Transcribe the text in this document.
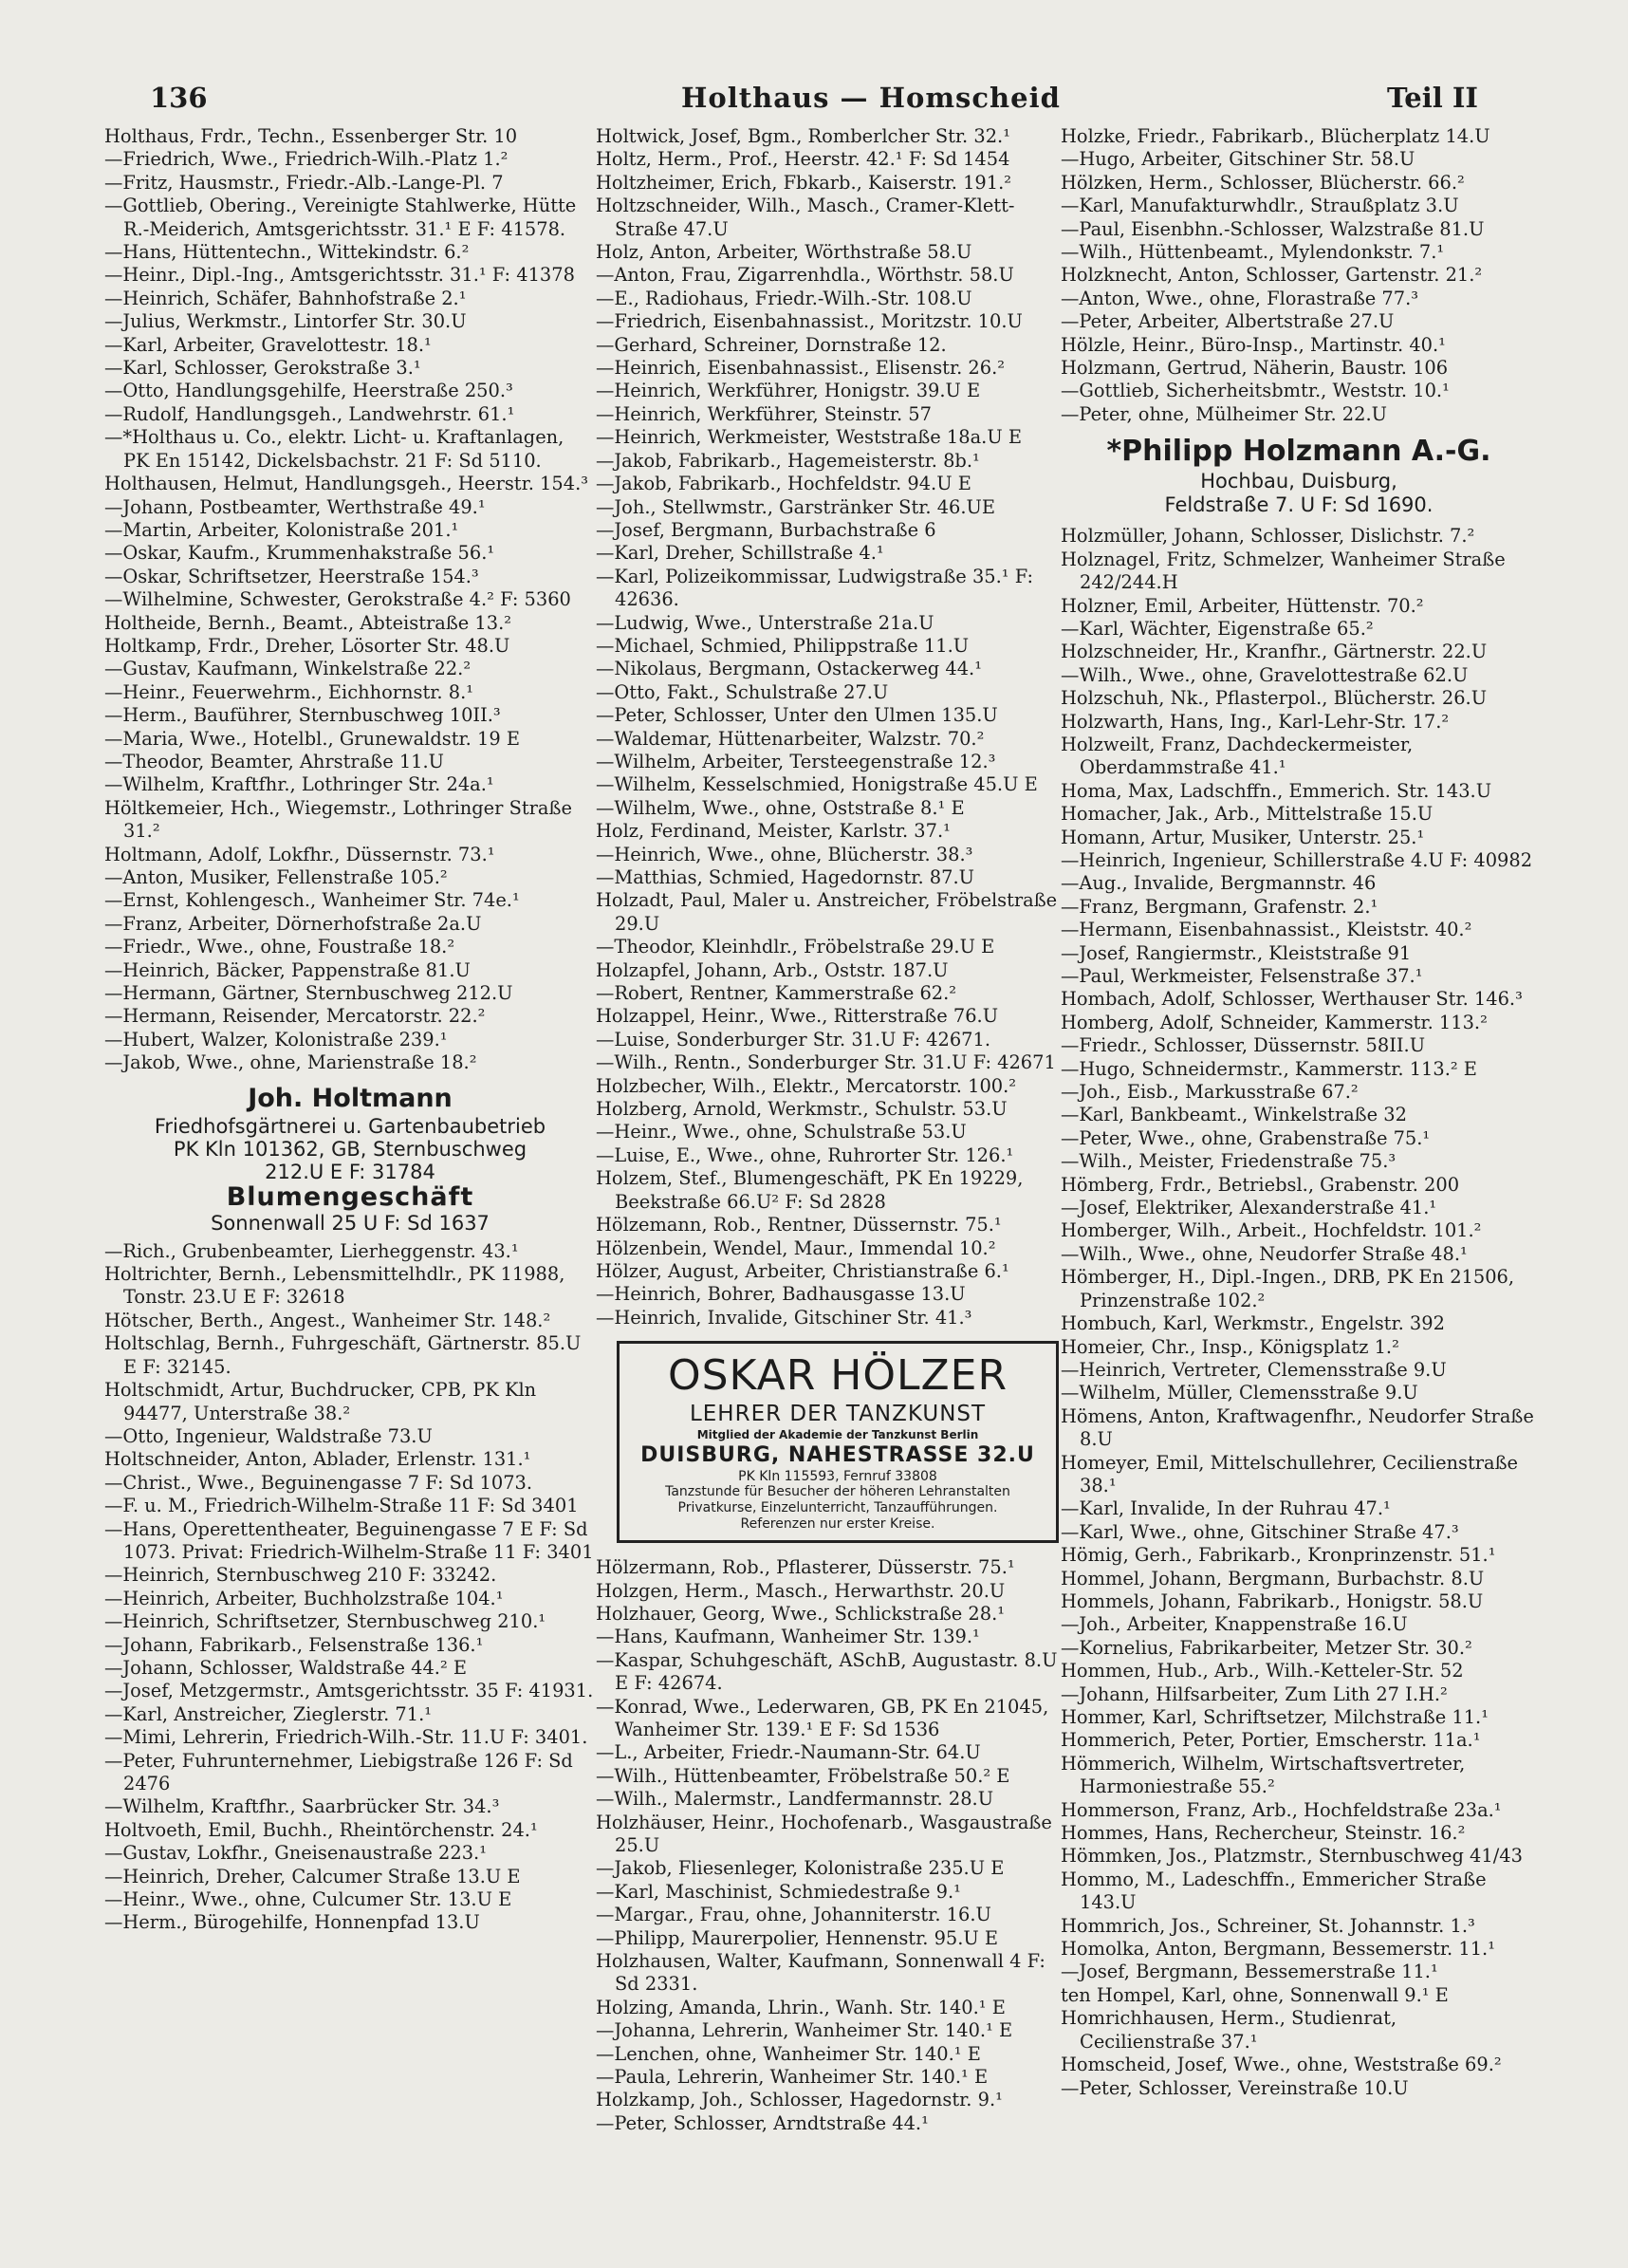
136	Holthaus — Homscheid	Teil II
Holthaus, Frdr., Techn., Essenberger Str. 10
—Friedrich, Wwe., Friedrich-Wilh.-Platz 1.²
—Fritz, Hausmstr., Friedr.-Alb.-Lange-Pl. 7
—Gottlieb, Obering., Vereinigte Stahlwerke, Hütte R.-Meiderich, Amtsgerichtsstr. 31.¹ E F: 41578.
—Hans, Hüttentechn., Wittekindstr. 6.²
—Heinr., Dipl.-Ing., Amtsgerichtsstr. 31.¹ F: 41378
—Heinrich, Schäfer, Bahnhofstraße 2.¹
—Julius, Werkmstr., Lintorfer Str. 30.U
—Karl, Arbeiter, Gravelottestr. 18.¹
—Karl, Schlosser, Gerokstraße 3.¹
—Otto, Handlungsgehilfe, Heerstraße 250.³
—Rudolf, Handlungsgeh., Landwehrstr. 61.¹
—*Holthaus u. Co., elektr. Licht- u. Kraftanlagen, PK En 15142, Dickelsbachstr. 21 F: Sd 5110.
Holthausen, Helmut, Handlungsgeh., Heerstr. 154.³
—Johann, Postbeamter, Werthstraße 49.¹
—Martin, Arbeiter, Kolonistraße 201.¹
—Oskar, Kaufm., Krummenhakstraße 56.¹
—Oskar, Schriftsetzer, Heerstraße 154.³
—Wilhelmine, Schwester, Gerokstraße 4.² F: 5360
Holtheide, Bernh., Beamt., Abteistraße 13.²
Holtkamp, Frdr., Dreher, Lösorter Str. 48.U
—Gustav, Kaufmann, Winkelstraße 22.²
—Heinr., Feuerwehrm., Eichhornstr. 8.¹
—Herm., Bauführer, Sternbuschweg 10II.³
—Maria, Wwe., Hotelbl., Grunewaldstr. 19 E
—Theodor, Beamter, Ahrstraße 11.U
—Wilhelm, Kraftfhr., Lothringer Str. 24a.¹
Höltkemeier, Hch., Wiegemstr., Lothringer Straße 31.²
Holtmann, Adolf, Lokfhr., Düssernstr. 73.¹
—Anton, Musiker, Fellenstraße 105.²
—Ernst, Kohlengesch., Wanheimer Str. 74e.¹
—Franz, Arbeiter, Dörnerhofstraße 2a.U
—Friedr., Wwe., ohne, Foustraße 18.²
—Heinrich, Bäcker, Pappenstraße 81.U
—Hermann, Gärtner, Sternbuschweg 212.U
—Hermann, Reisender, Mercatorstr. 22.²
—Hubert, Walzer, Kolonistraße 239.¹
—Jakob, Wwe., ohne, Marienstraße 18.²
Joh. Holtmann
Friedhofsgärtnerei u. Gartenbaubetrieb
PK Kln 101362, GB, Sternbuschweg
212.U E F: 31784
Blumengeschäft
Sonnenwall 25 U F: Sd 1637
—Rich., Grubenbeamter, Lierheggenstr. 43.¹
Holtrichter, Bernh., Lebensmittelhdlr., PK 11988, Tonstr. 23.U E F: 32618
Hötscher, Berth., Angest., Wanheimer Str. 148.²
Holtschlag, Bernh., Fuhrgeschäft, Gärtnerstr. 85.U E F: 32145.
Holtschmidt, Artur, Buchdrucker, CPB, PK Kln 94477, Unterstraße 38.²
—Otto, Ingenieur, Waldstraße 73.U
Holtschneider, Anton, Ablader, Erlenstr. 131.¹
—Christ., Wwe., Beguinengasse 7 F: Sd 1073.
—F. u. M., Friedrich-Wilhelm-Straße 11 F: Sd 3401
—Hans, Operettentheater, Beguinengasse 7 E F: Sd 1073. Privat: Friedrich-Wilhelm-Straße 11 F: 3401
—Heinrich, Sternbuschweg 210 F: 33242.
—Heinrich, Arbeiter, Buchholzstraße 104.¹
—Heinrich, Schriftsetzer, Sternbuschweg 210.¹
—Johann, Fabrikarb., Felsenstraße 136.¹
—Johann, Schlosser, Waldstraße 44.² E
—Josef, Metzgermstr., Amtsgerichtsstr. 35 F: 41931.
—Karl, Anstreicher, Zieglerstr. 71.¹
—Mimi, Lehrerin, Friedrich-Wilh.-Str. 11.U F: 3401.
—Peter, Fuhrunternehmer, Liebigstraße 126 F: Sd 2476
—Wilhelm, Kraftfhr., Saarbrücker Str. 34.³
Holtvoeth, Emil, Buchh., Rheintörchenstr. 24.¹
—Gustav, Lokfhr., Gneisenaustraße 223.¹
—Heinrich, Dreher, Calcumer Straße 13.U E
—Heinr., Wwe., ohne, Culcumer Str. 13.U E
—Herm., Bürogehilfe, Honnenpfad 13.U
Holtwick, Josef, Bgm., Romberlcher Str. 32.¹
Holtz, Herm., Prof., Heerstr. 42.¹ F: Sd 1454
Holtzheimer, Erich, Fbkarb., Kaiserstr. 191.²
Holtzschneider, Wilh., Masch., Cramer-Klett-Straße 47.U
Holz, Anton, Arbeiter, Wörthstraße 58.U
—Anton, Frau, Zigarrenhdla., Wörthstr. 58.U
—E., Radiohaus, Friedr.-Wilh.-Str. 108.U
—Friedrich, Eisenbahnassist., Moritzstr. 10.U
—Gerhard, Schreiner, Dornstraße 12.
—Heinrich, Eisenbahnassist., Elisenstr. 26.²
—Heinrich, Werkführer, Honigstr. 39.U E
—Heinrich, Werkführer, Steinstr. 57
—Heinrich, Werkmeister, Weststraße 18a.U E
—Jakob, Fabrikarb., Hagemeisterstr. 8b.¹
—Jakob, Fabrikarb., Hochfeldstr. 94.U E
—Joh., Stellwmstr., Garstränker Str. 46.UE
—Josef, Bergmann, Burbachstraße 6
—Karl, Dreher, Schillstraße 4.¹
—Karl, Polizeikommissar, Ludwigstraße 35.¹ F: 42636.
—Ludwig, Wwe., Unterstraße 21a.U
—Michael, Schmied, Philippstraße 11.U
—Nikolaus, Bergmann, Ostackerweg 44.¹
—Otto, Fakt., Schulstraße 27.U
—Peter, Schlosser, Unter den Ulmen 135.U
—Waldemar, Hüttenarbeiter, Walzstr. 70.²
—Wilhelm, Arbeiter, Tersteegenstraße 12.³
—Wilhelm, Kesselschmied, Honigstraße 45.U E
—Wilhelm, Wwe., ohne, Oststraße 8.¹ E
Holz, Ferdinand, Meister, Karlstr. 37.¹
—Heinrich, Wwe., ohne, Blücherstr. 38.³
—Matthias, Schmied, Hagedornstr. 87.U
Holzadt, Paul, Maler u. Anstreicher, Fröbelstraße 29.U
—Theodor, Kleinhdlr., Fröbelstraße 29.U E
Holzapfel, Johann, Arb., Oststr. 187.U
—Robert, Rentner, Kammerstraße 62.²
Holzappel, Heinr., Wwe., Ritterstraße 76.U
—Luise, Sonderburger Str. 31.U F: 42671.
—Wilh., Rentn., Sonderburger Str. 31.U F: 42671
Holzbecher, Wilh., Elektr., Mercatorstr. 100.²
Holzberg, Arnold, Werkmstr., Schulstr. 53.U
—Heinr., Wwe., ohne, Schulstraße 53.U
—Luise, E., Wwe., ohne, Ruhrorter Str. 126.¹
Holzem, Stef., Blumengeschäft, PK En 19229, Beekstraße 66.U² F: Sd 2828
Hölzemann, Rob., Rentner, Düssernstr. 75.¹
Hölzenbein, Wendel, Maur., Immendal 10.²
Hölzer, August, Arbeiter, Christianstraße 6.¹
—Heinrich, Bohrer, Badhausgasse 13.U
—Heinrich, Invalide, Gitschiner Str. 41.³
OSKAR HÖLZER
LEHRER DER TANZKUNST
Mitglied der Akademie der Tanzkunst Berlin
DUISBURG, NAHESTRASSE 32.U
PK Kln 115593, Fernruf 33808
Tanzstunde für Besucher der höheren Lehranstalten
Privatkurse, Einzelunterricht, Tanzaufführungen.
Referenzen nur erster Kreise.
Hölzermann, Rob., Pflasterer, Düsserstr. 75.¹
Holzgen, Herm., Masch., Herwarthstr. 20.U
Holzhauer, Georg, Wwe., Schlickstraße 28.¹
—Hans, Kaufmann, Wanheimer Str. 139.¹
—Kaspar, Schuhgeschäft, ASchB, Augustastr. 8.U E F: 42674.
—Konrad, Wwe., Lederwaren, GB, PK En 21045, Wanheimer Str. 139.¹ E F: Sd 1536
—L., Arbeiter, Friedr.-Naumann-Str. 64.U
—Wilh., Hüttenbeamter, Fröbelstraße 50.² E
—Wilh., Malermstr., Landfermannstr. 28.U
Holzhäuser, Heinr., Hochofenarb., Wasgaustraße 25.U
—Jakob, Fliesenleger, Kolonistraße 235.U E
—Karl, Maschinist, Schmiedestraße 9.¹
—Margar., Frau, ohne, Johanniterstr. 16.U
—Philipp, Maurerpolier, Hennenstr. 95.U E
Holzhausen, Walter, Kaufmann, Sonnenwall 4 F: Sd 2331.
Holzing, Amanda, Lhrin., Wanh. Str. 140.¹ E
—Johanna, Lehrerin, Wanheimer Str. 140.¹ E
—Lenchen, ohne, Wanheimer Str. 140.¹ E
—Paula, Lehrerin, Wanheimer Str. 140.¹ E
Holzkamp, Joh., Schlosser, Hagedornstr. 9.¹
—Peter, Schlosser, Arndtstraße 44.¹
Holzke, Friedr., Fabrikarb., Blücherplatz 14.U
—Hugo, Arbeiter, Gitschiner Str. 58.U
Hölzken, Herm., Schlosser, Blücherstr. 66.²
—Karl, Manufakturwhdlr., Straußplatz 3.U
—Paul, Eisenbhn.-Schlosser, Walzstraße 81.U
—Wilh., Hüttenbeamt., Mylendonkstr. 7.¹
Holzknecht, Anton, Schlosser, Gartenstr. 21.²
—Anton, Wwe., ohne, Florastraße 77.³
—Peter, Arbeiter, Albertstraße 27.U
Hölzle, Heinr., Büro-Insp., Martinstr. 40.¹
Holzmann, Gertrud, Näherin, Baustr. 106
—Gottlieb, Sicherheitsbmtr., Weststr. 10.¹
—Peter, ohne, Mülheimer Str. 22.U
*Philipp Holzmann A.-G.
Hochbau, Duisburg,
Feldstraße 7. U F: Sd 1690.
Holzmüller, Johann, Schlosser, Dislichstr. 7.²
Holznagel, Fritz, Schmelzer, Wanheimer Straße 242/244.H
Holzner, Emil, Arbeiter, Hüttenstr. 70.²
—Karl, Wächter, Eigenstraße 65.²
Holzschneider, Hr., Kranfhr., Gärtnerstr. 22.U
—Wilh., Wwe., ohne, Gravelottestraße 62.U
Holzschuh, Nk., Pflasterpol., Blücherstr. 26.U
Holzwarth, Hans, Ing., Karl-Lehr-Str. 17.²
Holzweilt, Franz, Dachdeckermeister, Oberdammstraße 41.¹
Homa, Max, Ladschffn., Emmerich. Str. 143.U
Homacher, Jak., Arb., Mittelstraße 15.U
Homann, Artur, Musiker, Unterstr. 25.¹
—Heinrich, Ingenieur, Schillerstraße 4.U F: 40982
—Aug., Invalide, Bergmannstr. 46
—Franz, Bergmann, Grafenstr. 2.¹
—Hermann, Eisenbahnassist., Kleiststr. 40.²
—Josef, Rangiermstr., Kleiststraße 91
—Paul, Werkmeister, Felsenstraße 37.¹
Hombach, Adolf, Schlosser, Werthauser Str. 146.³
Homberg, Adolf, Schneider, Kammerstr. 113.²
—Friedr., Schlosser, Düssernstr. 58II.U
—Hugo, Schneidermstr., Kammerstr. 113.² E
—Joh., Eisb., Markusstraße 67.²
—Karl, Bankbeamt., Winkelstraße 32
—Peter, Wwe., ohne, Grabenstraße 75.¹
—Wilh., Meister, Friedenstraße 75.³
Hömberg, Frdr., Betriebsl., Grabenstr. 200
—Josef, Elektriker, Alexanderstraße 41.¹
Homberger, Wilh., Arbeit., Hochfeldstr. 101.²
—Wilh., Wwe., ohne, Neudorfer Straße 48.¹
Hömberger, H., Dipl.-Ingen., DRB, PK En 21506, Prinzenstraße 102.²
Hombuch, Karl, Werkmstr., Engelstr. 392
Homeier, Chr., Insp., Königsplatz 1.²
—Heinrich, Vertreter, Clemensstraße 9.U
—Wilhelm, Müller, Clemensstraße 9.U
Hömens, Anton, Kraftwagenfhr., Neudorfer Straße 8.U
Homeyer, Emil, Mittelschullehrer, Cecilienstraße 38.¹
—Karl, Invalide, In der Ruhrau 47.¹
—Karl, Wwe., ohne, Gitschiner Straße 47.³
Hömig, Gerh., Fabrikarb., Kronprinzenstr. 51.¹
Hommel, Johann, Bergmann, Burbachstr. 8.U
Hommels, Johann, Fabrikarb., Honigstr. 58.U
—Joh., Arbeiter, Knappenstraße 16.U
—Kornelius, Fabrikarbeiter, Metzer Str. 30.²
Hommen, Hub., Arb., Wilh.-Ketteler-Str. 52
—Johann, Hilfsarbeiter, Zum Lith 27 I.H.²
Hommer, Karl, Schriftsetzer, Milchstraße 11.¹
Hommerich, Peter, Portier, Emscherstr. 11a.¹
Hömmerich, Wilhelm, Wirtschaftsvertreter, Harmoniestraße 55.²
Hommerson, Franz, Arb., Hochfeldstraße 23a.¹
Hommes, Hans, Rechercheur, Steinstr. 16.²
Hömmken, Jos., Platzmstr., Sternbuschweg 41/43
Hommo, M., Ladeschffn., Emmericher Straße 143.U
Hommrich, Jos., Schreiner, St. Johannstr. 1.³
Homolka, Anton, Bergmann, Bessemerstr. 11.¹
—Josef, Bergmann, Bessemerstraße 11.¹
ten Hompel, Karl, ohne, Sonnenwall 9.¹ E
Homrichhausen, Herm., Studienrat, Cecilienstraße 37.¹
Homscheid, Josef, Wwe., ohne, Weststraße 69.²
—Peter, Schlosser, Vereinstraße 10.U
